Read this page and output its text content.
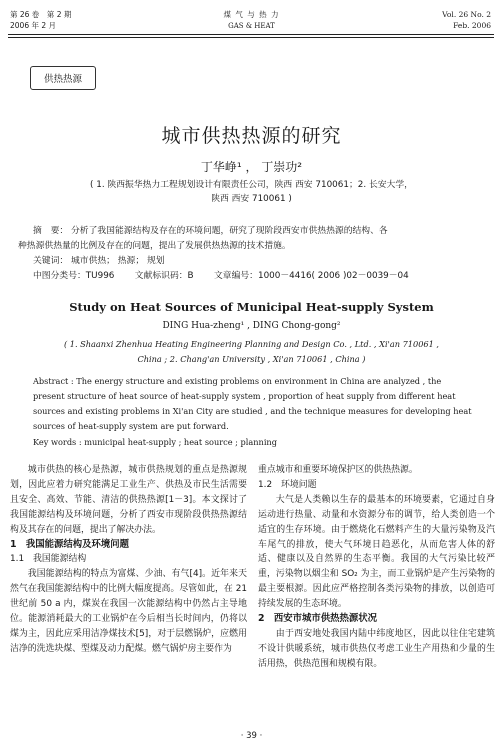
第 26 卷　第 2 期
2006 年 2 月
煤 气 与 热 力
GAS & HEAT
Vol. 26 No. 2
Feb. 2006
供热热源
城市供热热源的研究
丁华峥¹ ， 丁崇功²
( 1. 陕西振华热力工程规划设计有限责任公司，陕西 西安 710061；2. 长安大学，
陕西 西安 710061 )
摘　要： 分析了我国能源结构及存在的环境问题，研究了现阶段西安市供热热源的结构、各
种热源供热量的比例及存在的问题，提出了发展供热热源的技术措施。
关键词： 城市供热； 热源； 规划
中图分类号：TU996　　 文献标识码：B　　 文章编号：1000－4416( 2006 )02－0039－04
Study on Heat Sources of Municipal Heat-supply System
DING Hua-zheng¹ , DING Chong-gong²
( 1. Shaanxi Zhenhua Heating Engineering Planning and Design Co. , Ltd. , Xi'an 710061 ,
China ; 2. Chang'an University , Xi'an 710061 , China )
Abstract : The energy structure and existing problems on environment in China are analyzed , the
present structure of heat source of heat-supply system , proportion of heat supply from different heat
sources and existing problems in Xi'an City are studied , and the technique measures for developing heat
sources of heat-supply system are put forward.
Key words : municipal heat-supply ; heat source ; planning

城市供热的核心是热源，城市供热规划的重点是热源规划，因此应着力研究能满足工业生产、供热及市民生活需要且安全、高效、节能、清洁的供热热源[1－3]。本文探讨了我国能源结构及环境问题，分析了西安市现阶段供热热源结构及其存在的问题，提出了解决办法。

1　我国能源结构及环境问题

1.1　我国能源结构

我国能源结构的特点为富煤、少油、有气[4]。近年来天然气在我国能源结构中的比例大幅度提高。尽管如此，在 21 世纪前 50 a 内，煤炭在我国一次能源结构中仍然占主导地位。能源消耗最大的工业锅炉在今后相当长时间内，仍将以煤为主，因此应采用洁净煤技术[5]，对于层燃锅炉，应燃用洁净的洗选块煤、型煤及动力配煤。燃气锅炉房主要作为

重点城市和重要环境保护区的供热热源。

1.2　环境问题

大气是人类赖以生存的最基本的环境要素，它通过自身运动进行热量、动量和水资源分布的调节，给人类创造一个适宜的生存环境。由于燃烧化石燃料产生的大量污染物及汽车尾气的排放，使大气环境日趋恶化，从而危害人体的舒适、健康以及自然界的生态平衡。我国的大气污染比较严重，污染物以烟尘和 SO₂ 为主，而工业锅炉是产生污染物的最主要根源。因此应严格控制各类污染物的排放，以创造可持续发展的生态环境。

2　西安市城市供热热源状况

由于西安地处我国内陆中纬度地区，因此以往住宅建筑不设计供暖系统，城市供热仅考虑工业生产用热和少量的生活用热，供热范围和规模有限。

· 39 ·
